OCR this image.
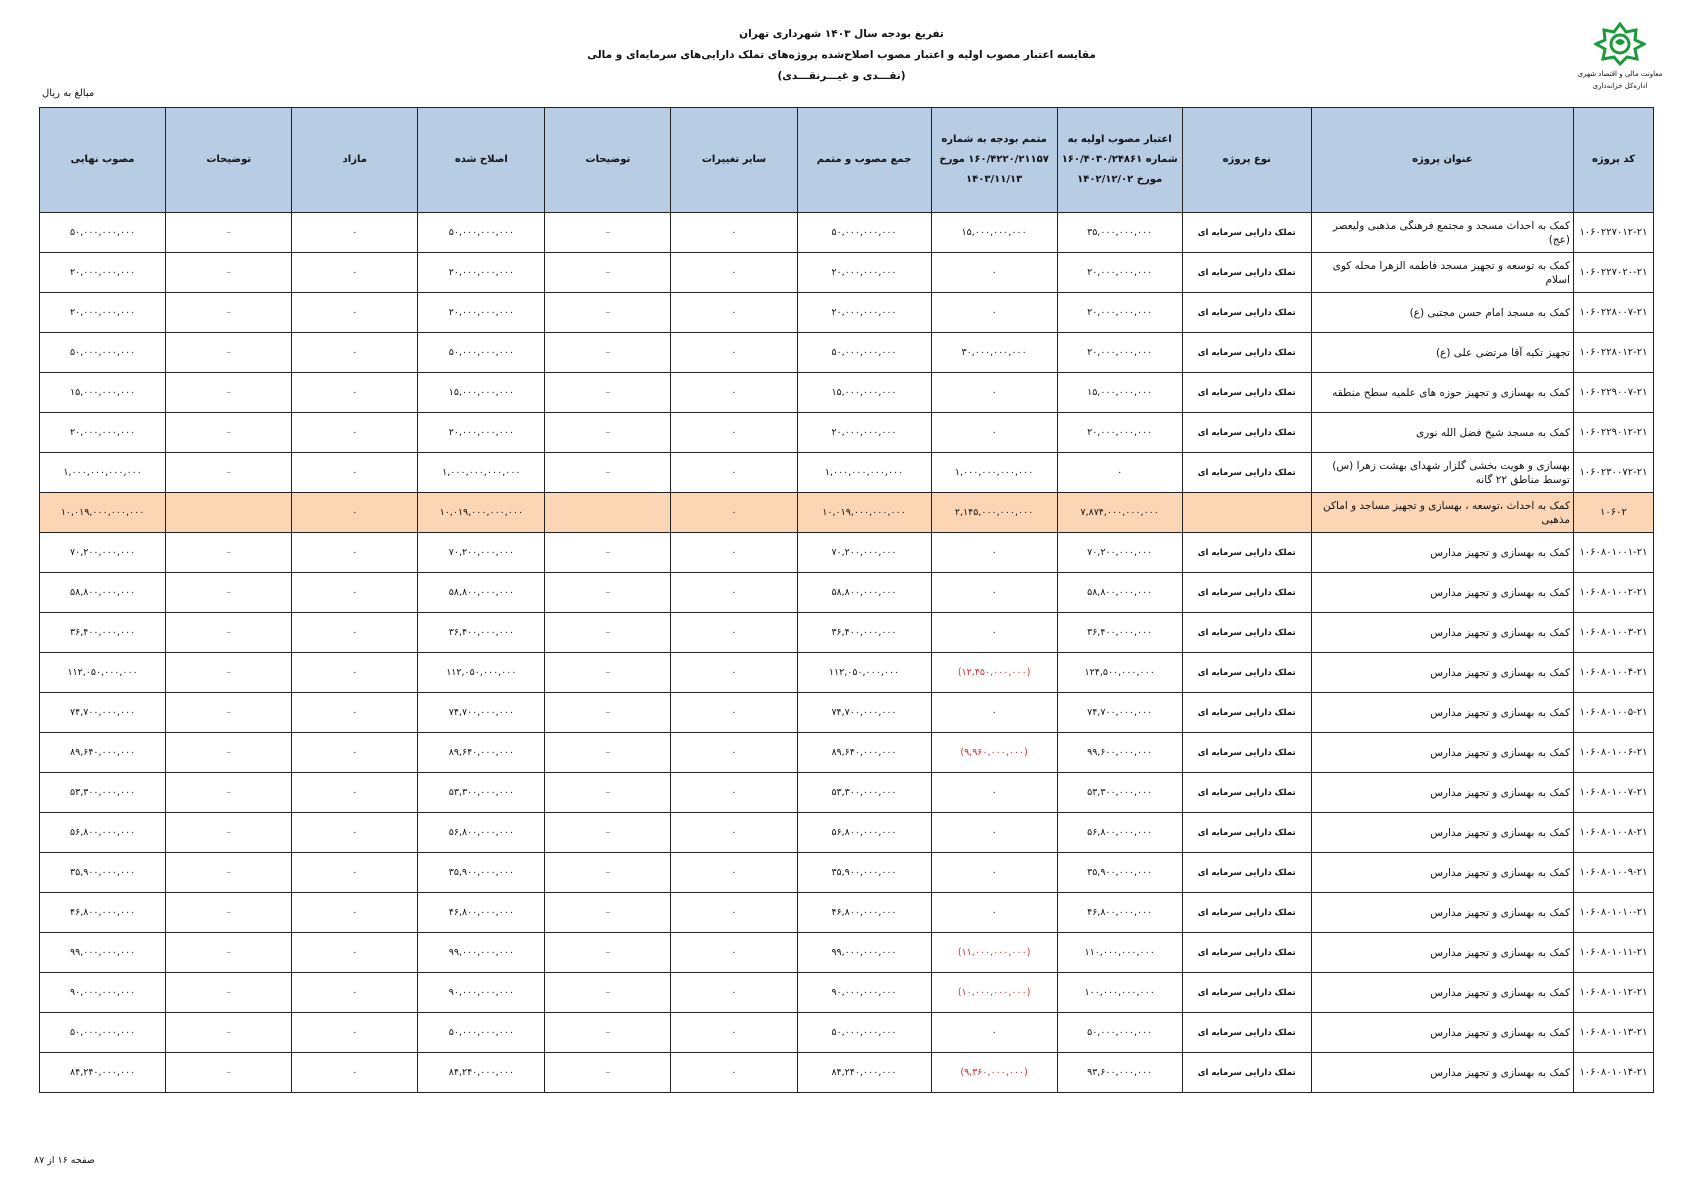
تفریغ بودجه سال ۱۴۰۳ شهرداری تهران
مقایسه اعتبار مصوب اولیه و اعتبار مصوب اصلاح‌شده پروژه‌های تملک دارایی‌های سرمایه‌ای و مالی
(نقـــدی و غیـــرنقـــدی)	معاونت مالی و اقتصاد شهری
اداره‌کل خزانه‌داری
مبالغ به ریال
کد پروژه	عنوان پروژه	نوع پروژه	اعتبار مصوب اولیه به شماره ۱۶۰/۴۰۳۰/۲۴۸۶۱ مورخ ۱۴۰۲/۱۲/۰۲	متمم بودجه به شماره ۱۶۰/۴۲۲۰/۲۱۱۵۷ مورخ ۱۴۰۳/۱۱/۱۳	جمع مصوب و متمم	سایر تغییرات	توضیحات	اصلاح شده	مازاد	توضیحات	مصوب نهایی
۱۰۶۰۲۲۷۰۱۲-۲۱	کمک به احداث مسجد و مجتمع فرهنگی مذهبی ولیعصر (عج)	تملک دارایی سرمایه ای	۳۵,۰۰۰,۰۰۰,۰۰۰	۱۵,۰۰۰,۰۰۰,۰۰۰	۵۰,۰۰۰,۰۰۰,۰۰۰	۰	–	۵۰,۰۰۰,۰۰۰,۰۰۰	۰	–	۵۰,۰۰۰,۰۰۰,۰۰۰
۱۰۶۰۲۲۷۰۲۰-۲۱	کمک به توسعه و تجهیز مسجد فاطمه الزهرا محله کوی اسلام	تملک دارایی سرمایه ای	۲۰,۰۰۰,۰۰۰,۰۰۰	۰	۲۰,۰۰۰,۰۰۰,۰۰۰	۰	–	۲۰,۰۰۰,۰۰۰,۰۰۰	۰	–	۲۰,۰۰۰,۰۰۰,۰۰۰
۱۰۶۰۲۲۸۰۰۷-۲۱	کمک به مسجد امام حسن مجتبی (ع)	تملک دارایی سرمایه ای	۲۰,۰۰۰,۰۰۰,۰۰۰	۰	۲۰,۰۰۰,۰۰۰,۰۰۰	۰	–	۲۰,۰۰۰,۰۰۰,۰۰۰	۰	–	۲۰,۰۰۰,۰۰۰,۰۰۰
۱۰۶۰۲۲۸۰۱۲-۲۱	تجهیز تکیه آقا مرتضی علی (ع)	تملک دارایی سرمایه ای	۲۰,۰۰۰,۰۰۰,۰۰۰	۳۰,۰۰۰,۰۰۰,۰۰۰	۵۰,۰۰۰,۰۰۰,۰۰۰	۰	–	۵۰,۰۰۰,۰۰۰,۰۰۰	۰	–	۵۰,۰۰۰,۰۰۰,۰۰۰
۱۰۶۰۲۲۹۰۰۷-۲۱	کمک به بهسازی و تجهیز حوزه های علمیه سطح منطقه	تملک دارایی سرمایه ای	۱۵,۰۰۰,۰۰۰,۰۰۰	۰	۱۵,۰۰۰,۰۰۰,۰۰۰	۰	–	۱۵,۰۰۰,۰۰۰,۰۰۰	۰	–	۱۵,۰۰۰,۰۰۰,۰۰۰
۱۰۶۰۲۲۹۰۱۲-۲۱	کمک به مسجد شیخ فضل الله نوری	تملک دارایی سرمایه ای	۲۰,۰۰۰,۰۰۰,۰۰۰	۰	۲۰,۰۰۰,۰۰۰,۰۰۰	۰	–	۲۰,۰۰۰,۰۰۰,۰۰۰	۰	–	۲۰,۰۰۰,۰۰۰,۰۰۰
۱۰۶۰۲۳۰۰۷۲-۲۱	بهسازی و هویت بخشی گلزار شهدای بهشت زهرا (س) توسط مناطق ۲۲ گانه	تملک دارایی سرمایه ای	۰	۱,۰۰۰,۰۰۰,۰۰۰,۰۰۰	۱,۰۰۰,۰۰۰,۰۰۰,۰۰۰	۰	–	۱,۰۰۰,۰۰۰,۰۰۰,۰۰۰	۰	–	۱,۰۰۰,۰۰۰,۰۰۰,۰۰۰
۱۰۶۰۲	کمک به احداث ،توسعه ، بهسازی و تجهیز مساجد و اماکن مذهبی		۷,۸۷۴,۰۰۰,۰۰۰,۰۰۰	۲,۱۴۵,۰۰۰,۰۰۰,۰۰۰	۱۰,۰۱۹,۰۰۰,۰۰۰,۰۰۰	۰		۱۰,۰۱۹,۰۰۰,۰۰۰,۰۰۰	۰		۱۰,۰۱۹,۰۰۰,۰۰۰,۰۰۰
۱۰۶۰۸۰۱۰۰۱-۲۱	کمک به بهسازی و تجهیز مدارس	تملک دارایی سرمایه ای	۷۰,۲۰۰,۰۰۰,۰۰۰	۰	۷۰,۲۰۰,۰۰۰,۰۰۰	۰	–	۷۰,۲۰۰,۰۰۰,۰۰۰	۰	–	۷۰,۲۰۰,۰۰۰,۰۰۰
۱۰۶۰۸۰۱۰۰۲-۲۱	کمک به بهسازی و تجهیز مدارس	تملک دارایی سرمایه ای	۵۸,۸۰۰,۰۰۰,۰۰۰	۰	۵۸,۸۰۰,۰۰۰,۰۰۰	۰	–	۵۸,۸۰۰,۰۰۰,۰۰۰	۰	–	۵۸,۸۰۰,۰۰۰,۰۰۰
۱۰۶۰۸۰۱۰۰۳-۲۱	کمک به بهسازی و تجهیز مدارس	تملک دارایی سرمایه ای	۳۶,۴۰۰,۰۰۰,۰۰۰	۰	۳۶,۴۰۰,۰۰۰,۰۰۰	۰	–	۳۶,۴۰۰,۰۰۰,۰۰۰	۰	–	۳۶,۴۰۰,۰۰۰,۰۰۰
۱۰۶۰۸۰۱۰۰۴-۲۱	کمک به بهسازی و تجهیز مدارس	تملک دارایی سرمایه ای	۱۲۴,۵۰۰,۰۰۰,۰۰۰	(۱۲,۴۵۰,۰۰۰,۰۰۰)	۱۱۲,۰۵۰,۰۰۰,۰۰۰	۰	–	۱۱۲,۰۵۰,۰۰۰,۰۰۰	۰	–	۱۱۲,۰۵۰,۰۰۰,۰۰۰
۱۰۶۰۸۰۱۰۰۵-۲۱	کمک به بهسازی و تجهیز مدارس	تملک دارایی سرمایه ای	۷۴,۷۰۰,۰۰۰,۰۰۰	۰	۷۴,۷۰۰,۰۰۰,۰۰۰	۰	–	۷۴,۷۰۰,۰۰۰,۰۰۰	۰	–	۷۴,۷۰۰,۰۰۰,۰۰۰
۱۰۶۰۸۰۱۰۰۶-۲۱	کمک به بهسازی و تجهیز مدارس	تملک دارایی سرمایه ای	۹۹,۶۰۰,۰۰۰,۰۰۰	(۹,۹۶۰,۰۰۰,۰۰۰)	۸۹,۶۴۰,۰۰۰,۰۰۰	۰	–	۸۹,۶۴۰,۰۰۰,۰۰۰	۰	–	۸۹,۶۴۰,۰۰۰,۰۰۰
۱۰۶۰۸۰۱۰۰۷-۲۱	کمک به بهسازی و تجهیز مدارس	تملک دارایی سرمایه ای	۵۳,۳۰۰,۰۰۰,۰۰۰	۰	۵۳,۳۰۰,۰۰۰,۰۰۰	۰	–	۵۳,۳۰۰,۰۰۰,۰۰۰	۰	–	۵۳,۳۰۰,۰۰۰,۰۰۰
۱۰۶۰۸۰۱۰۰۸-۲۱	کمک به بهسازی و تجهیز مدارس	تملک دارایی سرمایه ای	۵۶,۸۰۰,۰۰۰,۰۰۰	۰	۵۶,۸۰۰,۰۰۰,۰۰۰	۰	–	۵۶,۸۰۰,۰۰۰,۰۰۰	۰	–	۵۶,۸۰۰,۰۰۰,۰۰۰
۱۰۶۰۸۰۱۰۰۹-۲۱	کمک به بهسازی و تجهیز مدارس	تملک دارایی سرمایه ای	۳۵,۹۰۰,۰۰۰,۰۰۰	۰	۳۵,۹۰۰,۰۰۰,۰۰۰	۰	–	۳۵,۹۰۰,۰۰۰,۰۰۰	۰	–	۳۵,۹۰۰,۰۰۰,۰۰۰
۱۰۶۰۸۰۱۰۱۰-۲۱	کمک به بهسازی و تجهیز مدارس	تملک دارایی سرمایه ای	۴۶,۸۰۰,۰۰۰,۰۰۰	۰	۴۶,۸۰۰,۰۰۰,۰۰۰	۰	–	۴۶,۸۰۰,۰۰۰,۰۰۰	۰	–	۴۶,۸۰۰,۰۰۰,۰۰۰
۱۰۶۰۸۰۱۰۱۱-۲۱	کمک به بهسازی و تجهیز مدارس	تملک دارایی سرمایه ای	۱۱۰,۰۰۰,۰۰۰,۰۰۰	(۱۱,۰۰۰,۰۰۰,۰۰۰)	۹۹,۰۰۰,۰۰۰,۰۰۰	۰	–	۹۹,۰۰۰,۰۰۰,۰۰۰	۰	–	۹۹,۰۰۰,۰۰۰,۰۰۰
۱۰۶۰۸۰۱۰۱۲-۲۱	کمک به بهسازی و تجهیز مدارس	تملک دارایی سرمایه ای	۱۰۰,۰۰۰,۰۰۰,۰۰۰	(۱۰,۰۰۰,۰۰۰,۰۰۰)	۹۰,۰۰۰,۰۰۰,۰۰۰	۰	–	۹۰,۰۰۰,۰۰۰,۰۰۰	۰	–	۹۰,۰۰۰,۰۰۰,۰۰۰
۱۰۶۰۸۰۱۰۱۳-۲۱	کمک به بهسازی و تجهیز مدارس	تملک دارایی سرمایه ای	۵۰,۰۰۰,۰۰۰,۰۰۰	۰	۵۰,۰۰۰,۰۰۰,۰۰۰	۰	–	۵۰,۰۰۰,۰۰۰,۰۰۰	۰	–	۵۰,۰۰۰,۰۰۰,۰۰۰
۱۰۶۰۸۰۱۰۱۴-۲۱	کمک به بهسازی و تجهیز مدارس	تملک دارایی سرمایه ای	۹۳,۶۰۰,۰۰۰,۰۰۰	(۹,۳۶۰,۰۰۰,۰۰۰)	۸۴,۲۴۰,۰۰۰,۰۰۰	۰	–	۸۴,۲۴۰,۰۰۰,۰۰۰	۰	–	۸۴,۲۴۰,۰۰۰,۰۰۰
صفحه ۱۶ از ۸۷
